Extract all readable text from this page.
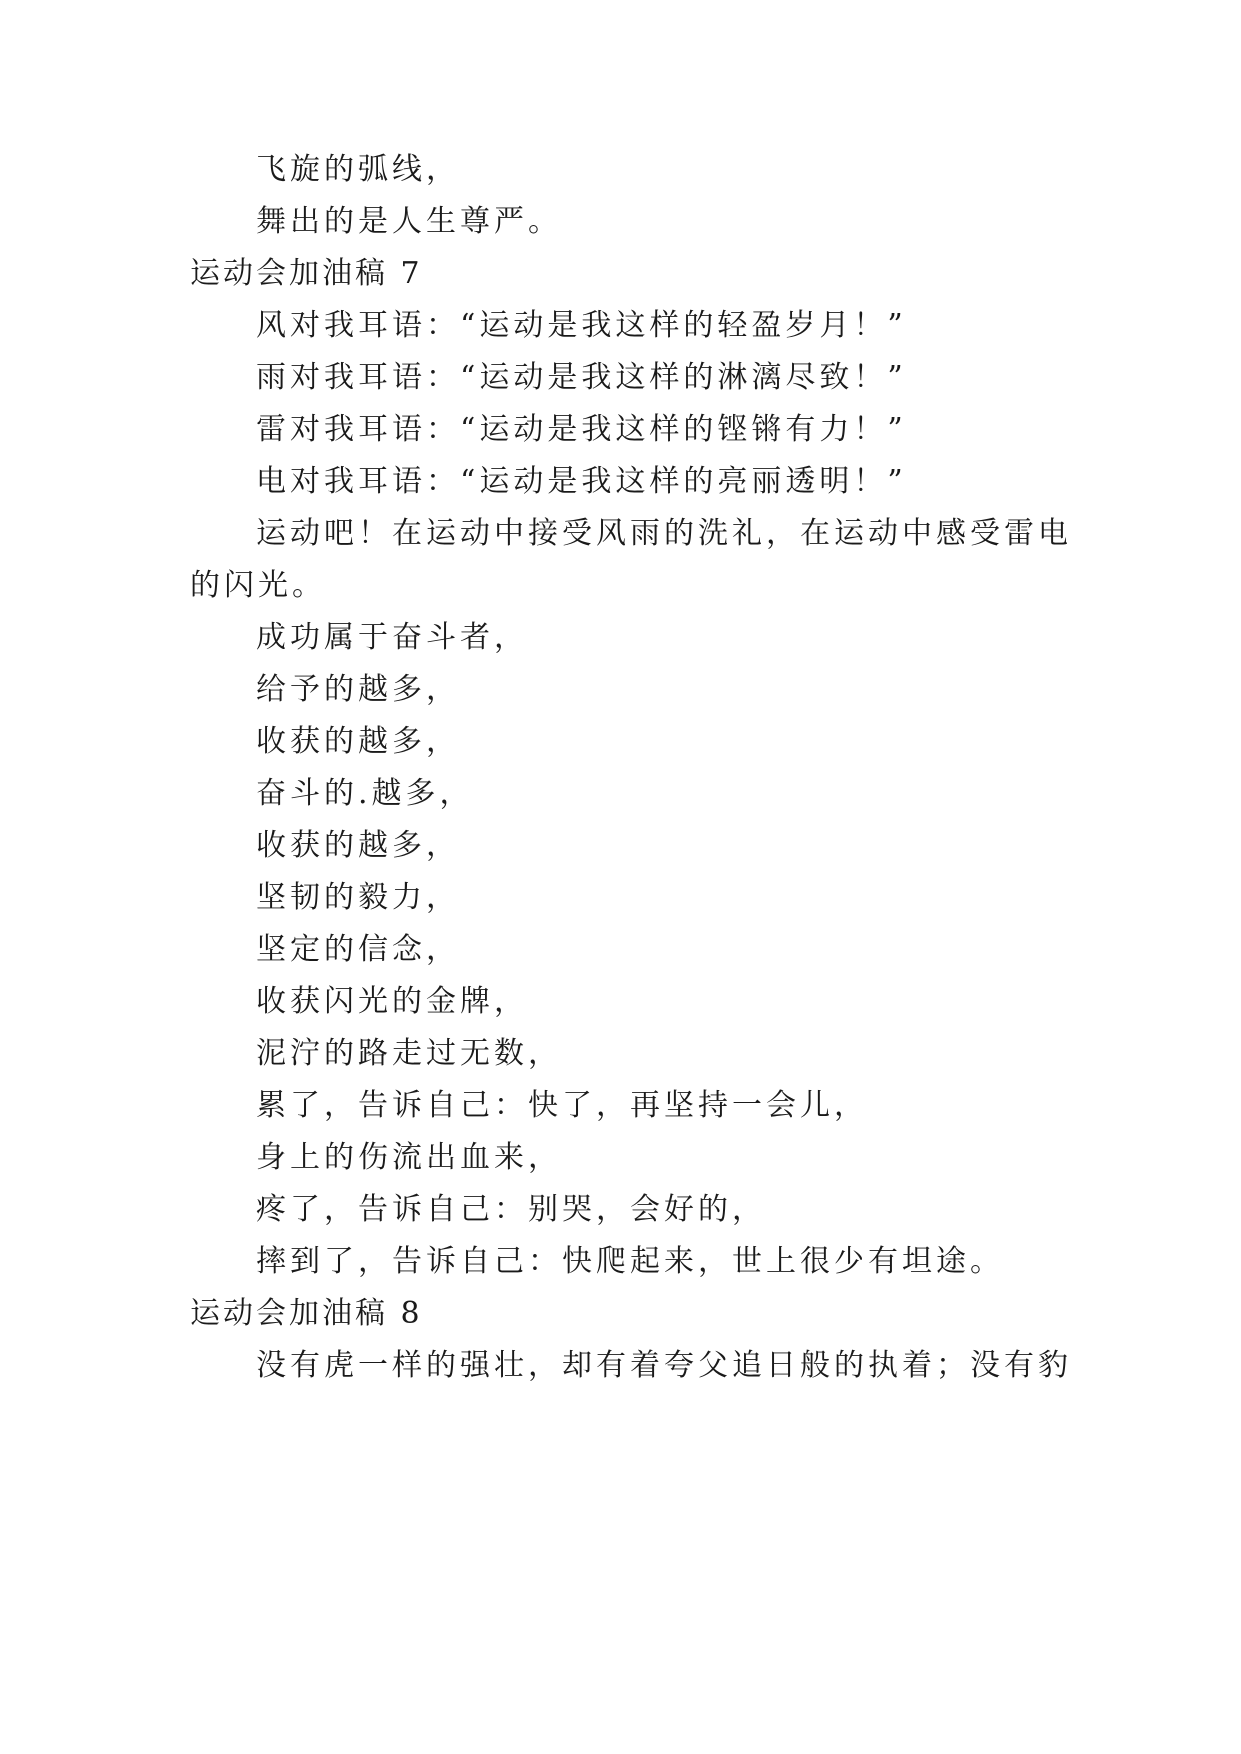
飞旋的弧线，
舞出的是人生尊严。
运动会加油稿 7
风对我耳语：“运动是我这样的轻盈岁月！”
雨对我耳语：“运动是我这样的淋漓尽致！”
雷对我耳语：“运动是我这样的铿锵有力！”
电对我耳语：“运动是我这样的亮丽透明！”
运动吧！在运动中接受风雨的洗礼，在运动中感受雷电
的闪光。
成功属于奋斗者，
给予的越多，
收获的越多，
奋斗的.越多，
收获的越多，
坚韧的毅力，
坚定的信念，
收获闪光的金牌，
泥泞的路走过无数，
累了，告诉自己：快了，再坚持一会儿，
身上的伤流出血来，
疼了，告诉自己：别哭，会好的，
摔到了，告诉自己：快爬起来，世上很少有坦途。
运动会加油稿 8
没有虎一样的强壮，却有着夸父追日般的执着；没有豹
